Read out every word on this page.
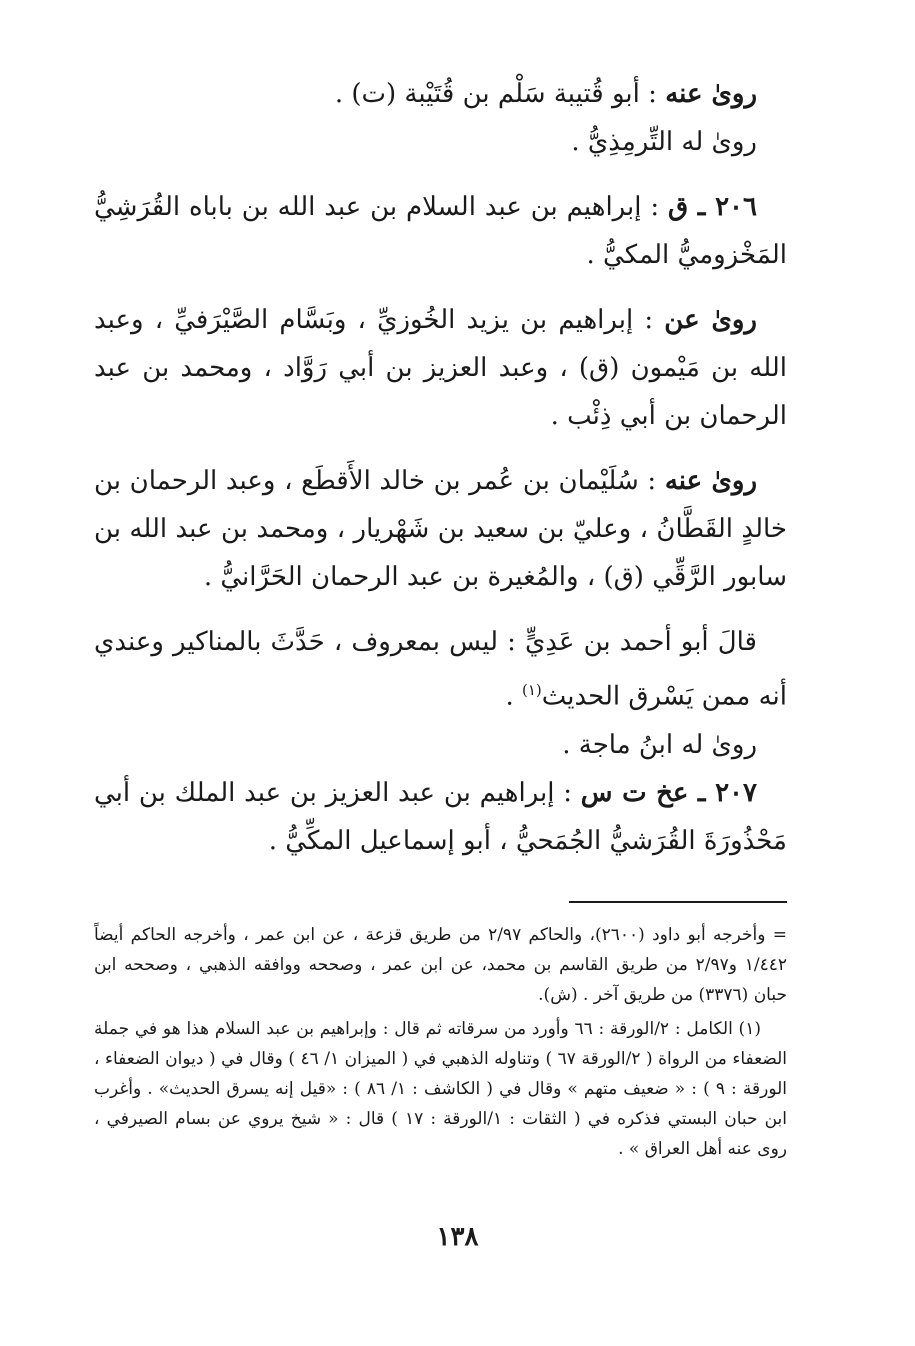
روىٰ عنه : أبو قُتيبة سَلْم بن قُتَيْبة (ت) .

روىٰ له التِّرمِذِيُّ .

٢٠٦ ـ ق : إبراهيم بن عبد السلام بن عبد الله بن باباه القُرَشِيُّ المَخْزوميُّ المكيُّ .

روىٰ عن : إبراهيم بن يزيد الخُوزيِّ ، وبَسَّام الصَّيْرَفيِّ ، وعبد الله بن مَيْمون (ق) ، وعبد العزيز بن أبي رَوَّاد ، ومحمد بن عبد الرحمان بن أبي ذِئْب .

روىٰ عنه : سُلَيْمان بن عُمر بن خالد الأَقطَع ، وعبد الرحمان بن خالدٍ القَطَّانُ ، وعليّ بن سعيد بن شَهْريار ، ومحمد بن عبد الله بن سابور الرَّقِّي (ق) ، والمُغيرة بن عبد الرحمان الحَرَّانيُّ .

قالَ أبو أحمد بن عَدِيٍّ : ليس بمعروف ، حَدَّثَ بالمناكير وعندي أنه ممن يَسْرق الحديث$^{(١)}$ .

روىٰ له ابنُ ماجة .

٢٠٧ ـ عخ ت س : إبراهيم بن عبد العزيز بن عبد الملك بن أبي مَحْذُورَةَ القُرَشيُّ الجُمَحيُّ ، أبو إسماعيل المكِّيُّ .

= وأخرجه أبو داود (٢٦٠٠)، والحاكم ٢/٩٧ من طريق قزعة ، عن ابن عمر ، وأخرجه الحاكم أيضاً ١/٤٤٢ و٢/٩٧ من طريق القاسم بن محمد، عن ابن عمر ، وصححه ووافقه الذهبي ، وصححه ابن حبان (٣٣٧٦) من طريق آخر . (ش).

(١) الكامل : ٢/الورقة : ٦٦ وأورد من سرقاته ثم قال : وإبراهيم بن عبد السلام هذا هو في جملة الضعفاء من الرواة ( ٢/الورقة ٦٧ ) وتناوله الذهبي في ( الميزان ١/ ٤٦ ) وقال في ( ديوان الضعفاء ، الورقة : ٩ ) : « ضعيف متهم » وقال في ( الكاشف : ١/ ٨٦ ) : «قيل إنه يسرق الحديث» . وأغرب ابن حبان البستي فذكره في ( الثقات : ١/الورقة : ١٧ ) قال : « شيخ يروي عن بسام الصيرفي ، روى عنه أهل العراق » .

١٣٨
